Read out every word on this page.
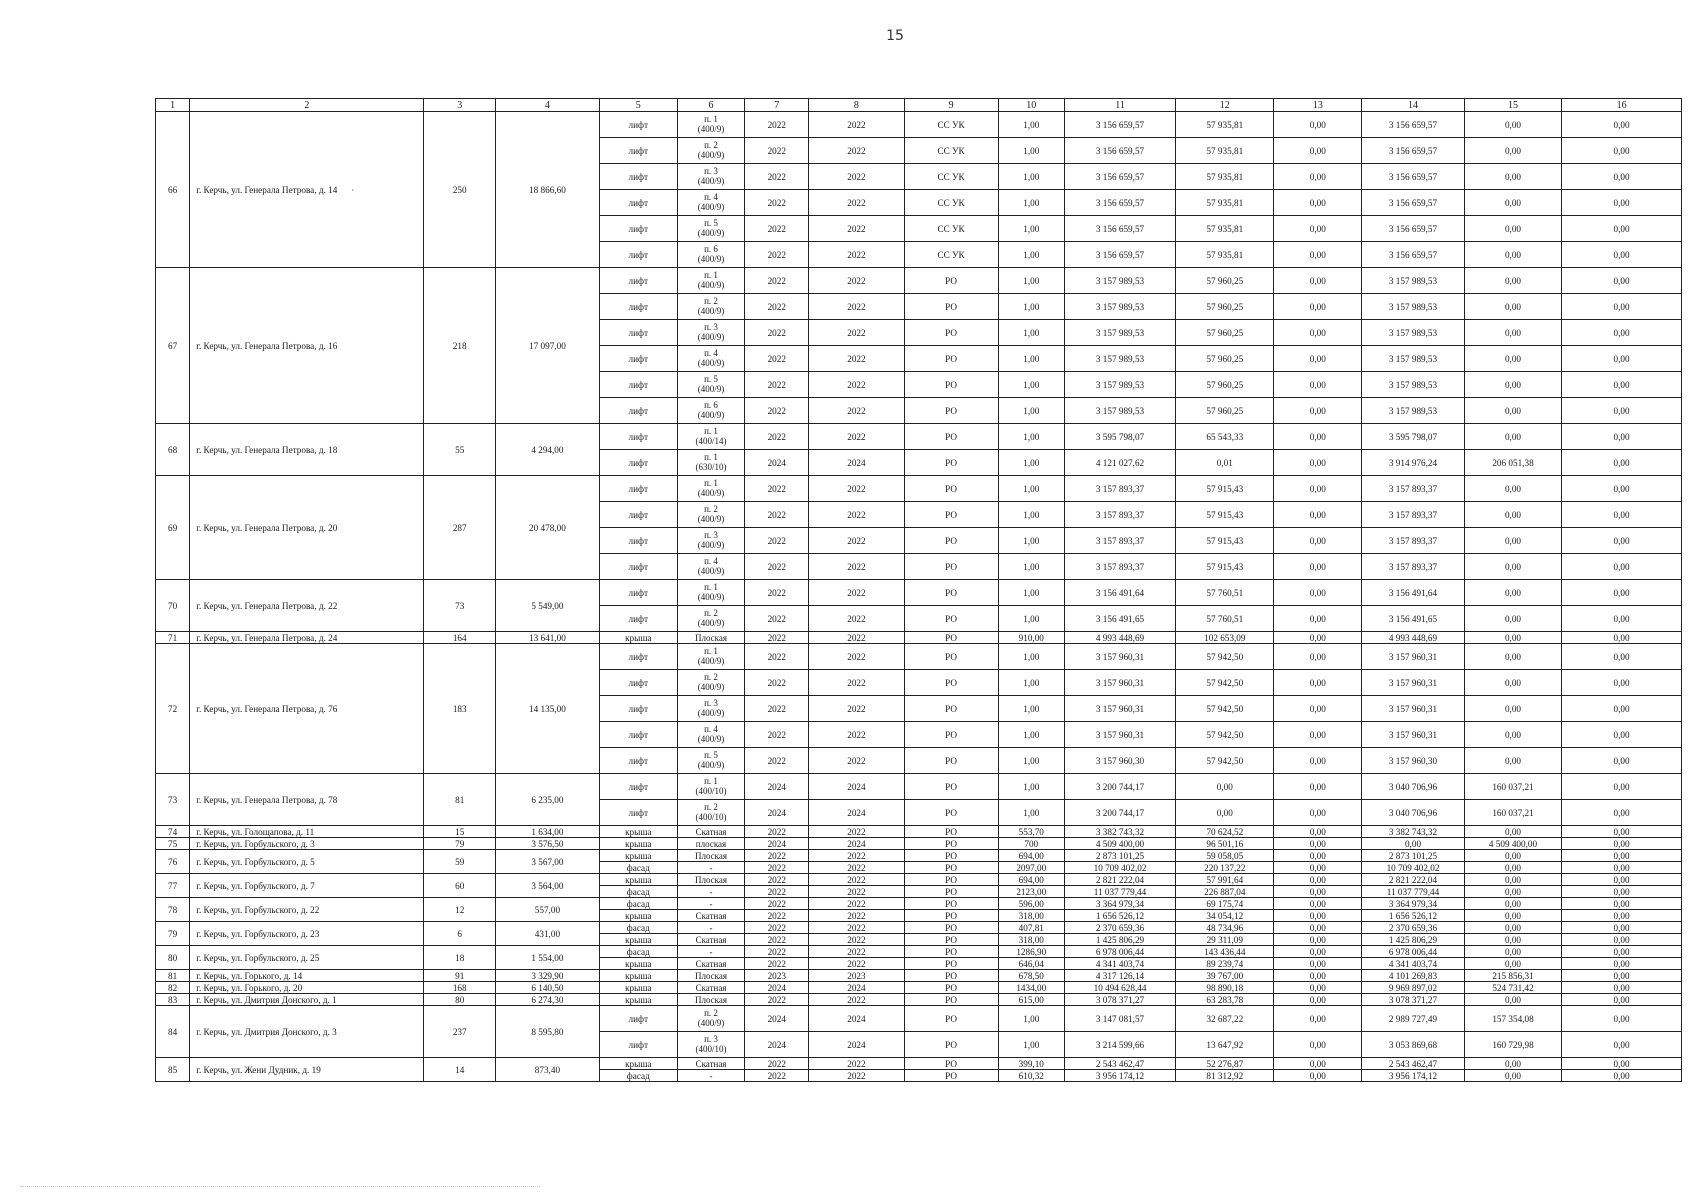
15
1	2	3	4	5	6	7	8	9	10	11	12	13	14	15	16
66	г. Керчь, ул. Генерала Петрова, д. 14 ·	250	18 866,60	лифт	п. 1
(400/9)	2022	2022	СС УК	1,00	3 156 659,57	57 935,81	0,00	3 156 659,57	0,00	0,00
				лифт	п. 2
(400/9)	2022	2022	СС УК	1,00	3 156 659,57	57 935,81	0,00	3 156 659,57	0,00	0,00
				лифт	п. 3
(400/9)	2022	2022	СС УК	1,00	3 156 659,57	57 935,81	0,00	3 156 659,57	0,00	0,00
				лифт	п. 4
(400/9)	2022	2022	СС УК	1,00	3 156 659,57	57 935,81	0,00	3 156 659,57	0,00	0,00
				лифт	п. 5
(400/9)	2022	2022	СС УК	1,00	3 156 659,57	57 935,81	0,00	3 156 659,57	0,00	0,00
				лифт	п. 6
(400/9)	2022	2022	СС УК	1,00	3 156 659,57	57 935,81	0,00	3 156 659,57	0,00	0,00
67	г. Керчь, ул. Генерала Петрова, д. 16	218	17 097,00	лифт	п. 1
(400/9)	2022	2022	РО	1,00	3 157 989,53	57 960,25	0,00	3 157 989,53	0,00	0,00
				лифт	п. 2
(400/9)	2022	2022	РО	1,00	3 157 989,53	57 960,25	0,00	3 157 989,53	0,00	0,00
				лифт	п. 3
(400/9)	2022	2022	РО	1,00	3 157 989,53	57 960,25	0,00	3 157 989,53	0,00	0,00
				лифт	п. 4
(400/9)	2022	2022	РО	1,00	3 157 989,53	57 960,25	0,00	3 157 989,53	0,00	0,00
				лифт	п. 5
(400/9)	2022	2022	РО	1,00	3 157 989,53	57 960,25	0,00	3 157 989,53	0,00	0,00
				лифт	п. 6
(400/9)	2022	2022	РО	1,00	3 157 989,53	57 960,25	0,00	3 157 989,53	0,00	0,00
68	г. Керчь, ул. Генерала Петрова, д. 18	55	4 294,00	лифт	п. 1
(400/14)	2022	2022	РО	1,00	3 595 798,07	65 543,33	0,00	3 595 798,07	0,00	0,00
				лифт	п. 1
(630/10)	2024	2024	РО	1,00	4 121 027,62	0,01	0,00	3 914 976,24	206 051,38	0,00
69	г. Керчь, ул. Генерала Петрова, д. 20	287	20 478,00	лифт	п. 1
(400/9)	2022	2022	РО	1,00	3 157 893,37	57 915,43	0,00	3 157 893,37	0,00	0,00
				лифт	п. 2
(400/9)	2022	2022	РО	1,00	3 157 893,37	57 915,43	0,00	3 157 893,37	0,00	0,00
				лифт	п. 3
(400/9)	2022	2022	РО	1,00	3 157 893,37	57 915,43	0,00	3 157 893,37	0,00	0,00
				лифт	п. 4
(400/9)	2022	2022	РО	1,00	3 157 893,37	57 915,43	0,00	3 157 893,37	0,00	0,00
70	г. Керчь, ул. Генерала Петрова, д. 22	73	5 549,00	лифт	п. 1
(400/9)	2022	2022	РО	1,00	3 156 491,64	57 760,51	0,00	3 156 491,64	0,00	0,00
				лифт	п. 2
(400/9)	2022	2022	РО	1,00	3 156 491,65	57 760,51	0,00	3 156 491,65	0,00	0,00
71	г. Керчь, ул. Генерала Петрова, д. 24	164	13 641,00	крыша	Плоская	2022	2022	РО	910,00	4 993 448,69	102 653,09	0,00	4 993 448,69	0,00	0,00
72	г. Керчь, ул. Генерала Петрова, д. 76	183	14 135,00	лифт	п. 1
(400/9)	2022	2022	РО	1,00	3 157 960,31	57 942,50	0,00	3 157 960,31	0,00	0,00
				лифт	п. 2
(400/9)	2022	2022	РО	1,00	3 157 960,31	57 942,50	0,00	3 157 960,31	0,00	0,00
				лифт	п. 3
(400/9)	2022	2022	РО	1,00	3 157 960,31	57 942,50	0,00	3 157 960,31	0,00	0,00
				лифт	п. 4
(400/9)	2022	2022	РО	1,00	3 157 960,31	57 942,50	0,00	3 157 960,31	0,00	0,00
				лифт	п. 5
(400/9)	2022	2022	РО	1,00	3 157 960,30	57 942,50	0,00	3 157 960,30	0,00	0,00
73	г. Керчь, ул. Генерала Петрова, д. 78	81	6 235,00	лифт	п. 1
(400/10)	2024	2024	РО	1,00	3 200 744,17	0,00	0,00	3 040 706,96	160 037,21	0,00
				лифт	п. 2
(400/10)	2024	2024	РО	1,00	3 200 744,17	0,00	0,00	3 040 706,96	160 037,21	0,00
74	г. Керчь, ул. Голощапова, д. 11	15	1 634,00	крыша	Скатная	2022	2022	РО	553,70	3 382 743,32	70 624,52	0,00	3 382 743,32	0,00	0,00
75	г. Керчь, ул. Горбульского, д. 3	79	3 576,50	крыша	плоская	2024	2024	РО	700	4 509 400,00	96 501,16	0,00	0,00	4 509 400,00	0,00
76	г. Керчь, ул. Горбульского, д. 5	59	3 567,00	крыша	Плоская	2022	2022	РО	694,00	2 873 101,25	59 058,05	0,00	2 873 101,25	0,00	0,00
				фасад	-	2022	2022	РО	2097,00	10 709 402,02	220 137,22	0,00	10 709 402,02	0,00	0,00
77	г. Керчь, ул. Горбульского, д. 7	60	3 564,00	крыша	Плоская	2022	2022	РО	694,00	2 821 222,04	57 991,64	0,00	2 821 222,04	0,00	0,00
				фасад	-	2022	2022	РО	2123,00	11 037 779,44	226 887,04	0,00	11 037 779,44	0,00	0,00
78	г. Керчь, ул. Горбульского, д. 22	12	557,00	фасад	-	2022	2022	РО	596,00	3 364 979,34	69 175,74	0,00	3 364 979,34	0,00	0,00
				крыша	Скатная	2022	2022	РО	318,00	1 656 526,12	34 054,12	0,00	1 656 526,12	0,00	0,00
79	г. Керчь, ул. Горбульского, д. 23	6	431,00	фасад	-	2022	2022	РО	407,81	2 370 659,36	48 734,96	0,00	2 370 659,36	0,00	0,00
				крыша	Скатная	2022	2022	РО	318,00	1 425 806,29	29 311,09	0,00	1 425 806,29	0,00	0,00
80	г. Керчь, ул. Горбульского, д. 25	18	1 554,00	фасад	-	2022	2022	РО	1286,90	6 978 006,44	143 436,44	0,00	6 978 006,44	0,00	0,00
				крыша	Скатная	2022	2022	РО	646,04	4 341 403,74	89 239,74	0,00	4 341 403,74	0,00	0,00
81	г. Керчь, ул. Горького, д. 14	91	3 329,90	крыша	Плоская	2023	2023	РО	678,50	4 317 126,14	39 767,00	0,00	4 101 269,83	215 856,31	0,00
82	г. Керчь, ул. Горького, д. 20	168	6 140,50	крыша	Скатная	2024	2024	РО	1434,00	10 494 628,44	98 890,18	0,00	9 969 897,02	524 731,42	0,00
83	г. Керчь, ул. Дмитрия Донского, д. 1	80	6 274,30	крыша	Плоская	2022	2022	РО	615,00	3 078 371,27	63 283,78	0,00	3 078 371,27	0,00	0,00
84	г. Керчь, ул. Дмитрия Донского, д. 3	237	8 595,80	лифт	п. 2
(400/9)	2024	2024	РО	1,00	3 147 081,57	32 687,22	0,00	2 989 727,49	157 354,08	0,00
				лифт	п. 3
(400/10)	2024	2024	РО	1,00	3 214 599,66	13 647,92	0,00	3 053 869,68	160 729,98	0,00
85	г. Керчь, ул. Жени Дудник, д. 19	14	873,40	крыша	Скатная	2022	2022	РО	399,10	2 543 462,47	52 276,87	0,00	2 543 462,47	0,00	0,00
				фасад	-	2022	2022	РО	610,32	3 956 174,12	81 312,92	0,00	3 956 174,12	0,00	0,00
